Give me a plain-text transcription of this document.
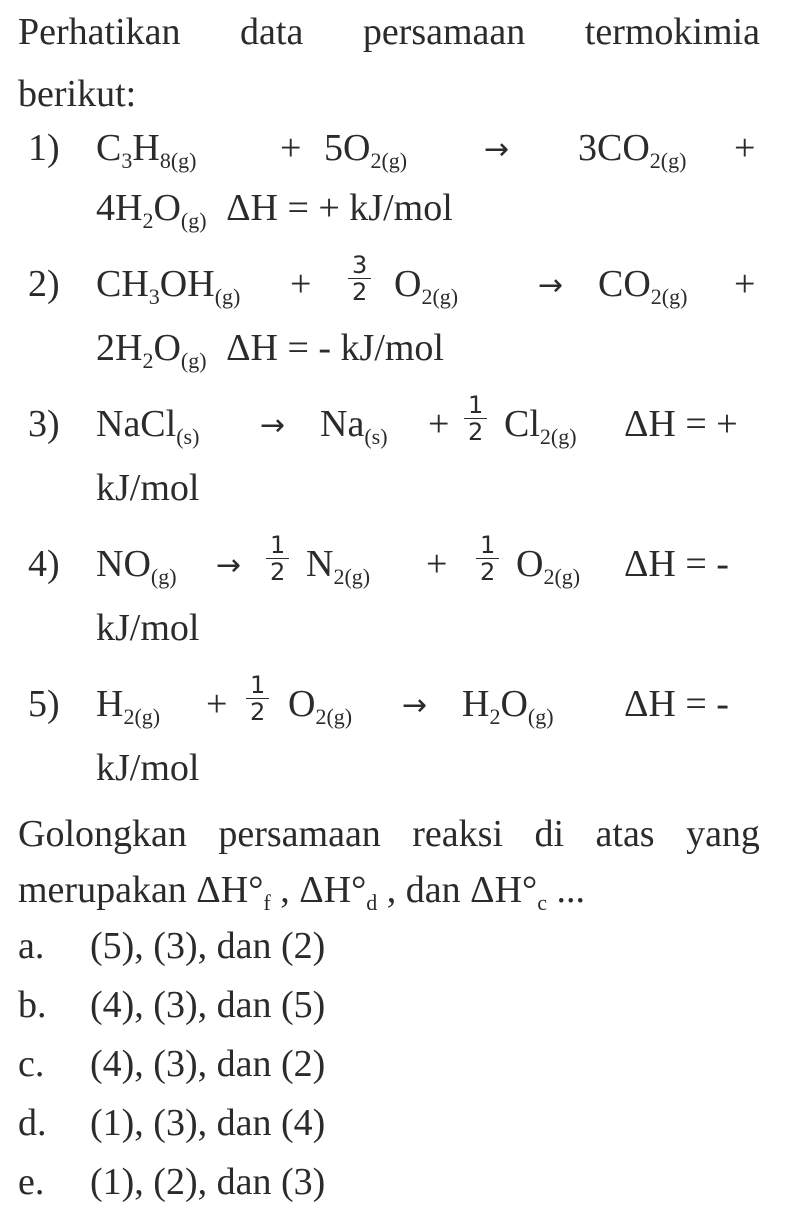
Perhatikan data persamaan termokimia
berikut:
1) $C_3H_{8(g)} + 5O_{2(g)}$	→ $3CO_{2(g)}$ +
$4H_2O_{(g)}$ ΔH = + kJ/mol
2) $CH_3OH_{(g)} + \frac{3}{2} O_{2(g)}$	→ $CO_{2(g)}$ +
$2H_2O_{(g)}$ ΔH = - kJ/mol
3) NaCl$_{(s)}$ → $Na_{(s)} + \frac{1}{2} Cl_{2(g)}$ ΔH = +
kJ/mol
4) $NO_{(g)} \to \frac{1}{2} N_{2(g)} + \frac{1}{2} O_{2(g)}$ ΔH = -
kJ/mol
5) $H_{2(g)} + \frac{1}{2} O_{2(g)} \to H_2O_{(g)}$ ΔH = -
kJ/mol
Golongkan persamaan reaksi di atas yang
merupakan $\Delta H^\circ_f$ , $\Delta H^\circ_d$ , dan $\Delta H^\circ_c$ ...
a. (5), (3), dan (2)
b. (4), (3), dan (5)
c. (4), (3), dan (2)
d. (1), (3), dan (4)
e. (1), (2), dan (3)
